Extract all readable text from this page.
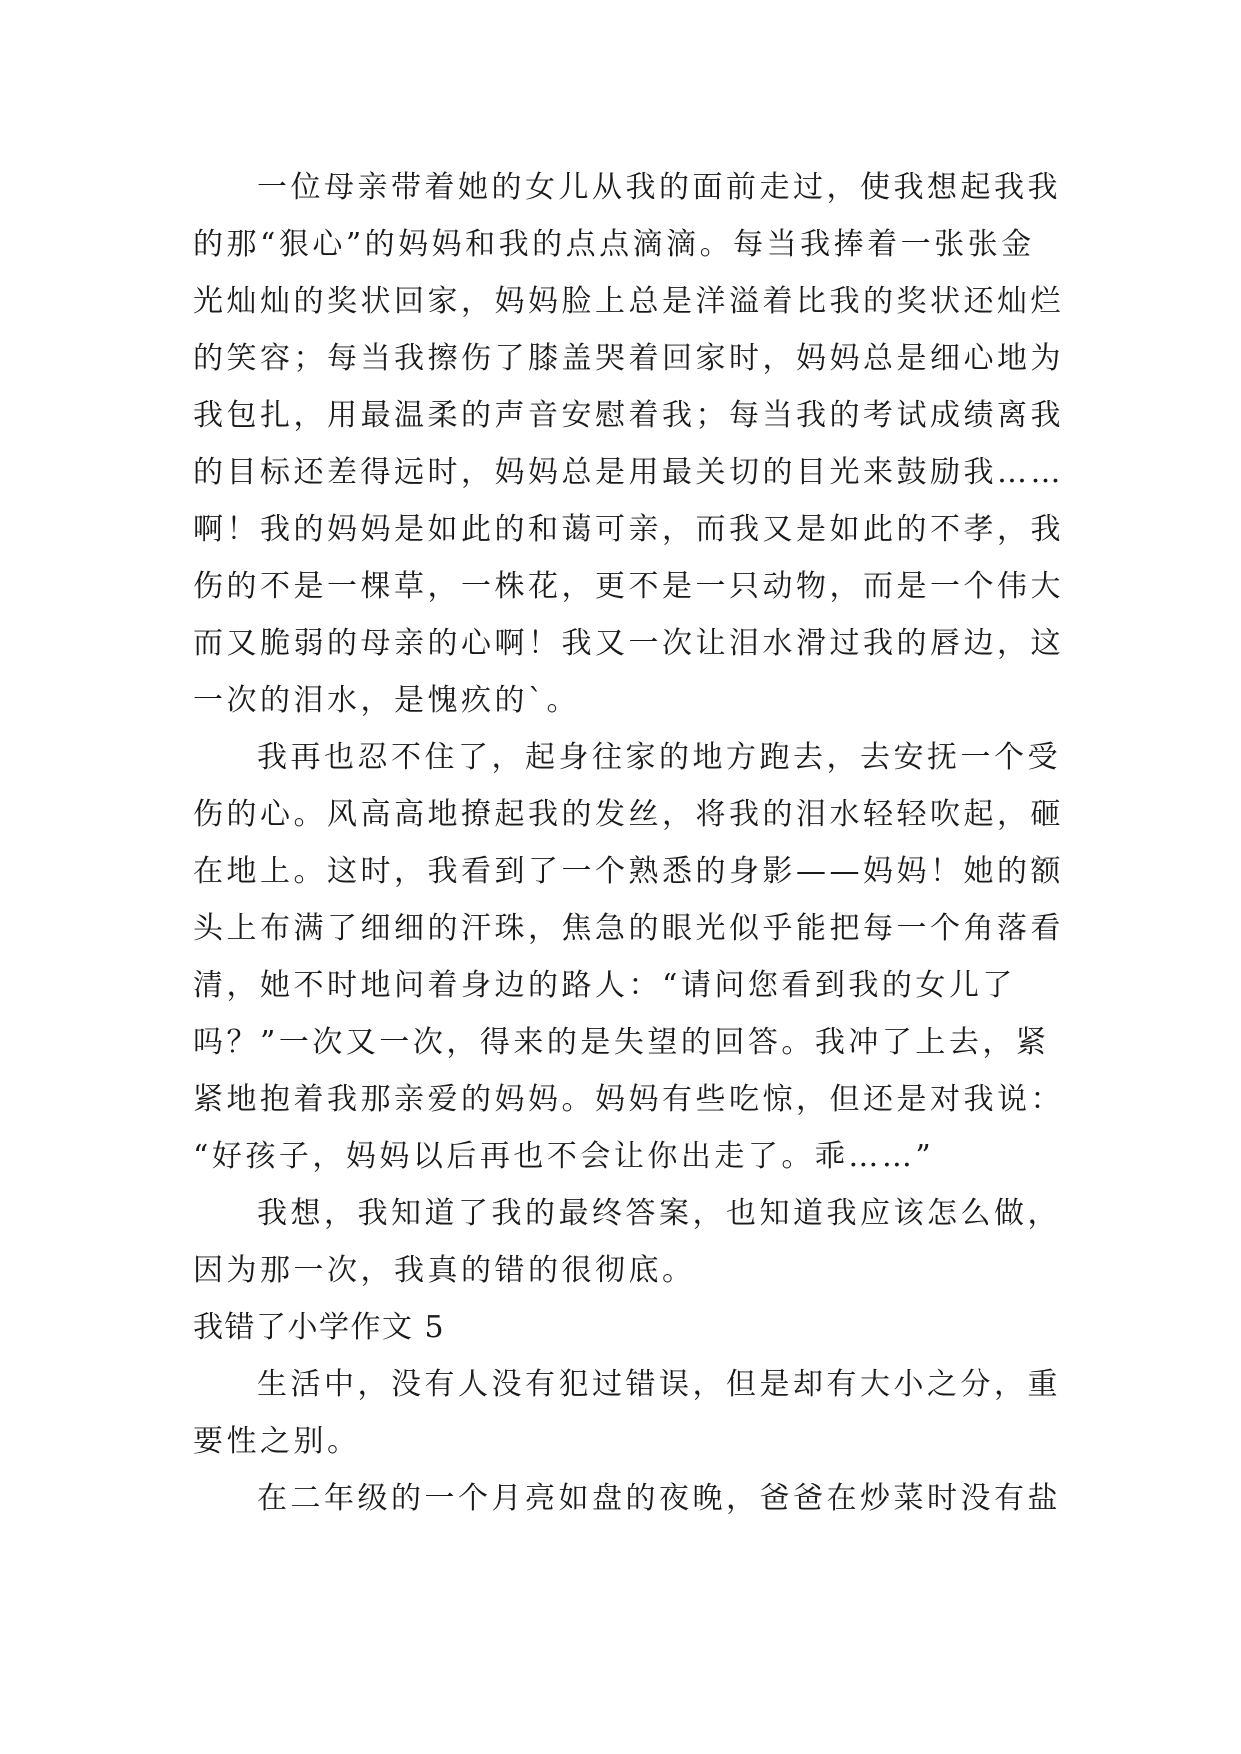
一位母亲带着她的女儿从我的面前走过，使我想起我我
的那“狠心”的妈妈和我的点点滴滴。每当我捧着一张张金
光灿灿的奖状回家，妈妈脸上总是洋溢着比我的奖状还灿烂
的笑容；每当我擦伤了膝盖哭着回家时，妈妈总是细心地为
我包扎，用最温柔的声音安慰着我；每当我的考试成绩离我
的目标还差得远时，妈妈总是用最关切的目光来鼓励我……
啊！我的妈妈是如此的和蔼可亲，而我又是如此的不孝，我
伤的不是一棵草，一株花，更不是一只动物，而是一个伟大
而又脆弱的母亲的心啊！我又一次让泪水滑过我的唇边，这
一次的泪水，是愧疚的`。
我再也忍不住了，起身往家的地方跑去，去安抚一个受
伤的心。风高高地撩起我的发丝，将我的泪水轻轻吹起，砸
在地上。这时，我看到了一个熟悉的身影——妈妈！她的额
头上布满了细细的汗珠，焦急的眼光似乎能把每一个角落看
清，她不时地问着身边的路人：“请问您看到我的女儿了
吗？”一次又一次，得来的是失望的回答。我冲了上去，紧
紧地抱着我那亲爱的妈妈。妈妈有些吃惊，但还是对我说：
“好孩子，妈妈以后再也不会让你出走了。乖……”
我想，我知道了我的最终答案，也知道我应该怎么做，
因为那一次，我真的错的很彻底。
我错了小学作文 5
生活中，没有人没有犯过错误，但是却有大小之分，重
要性之别。
在二年级的一个月亮如盘的夜晚，爸爸在炒菜时没有盐
